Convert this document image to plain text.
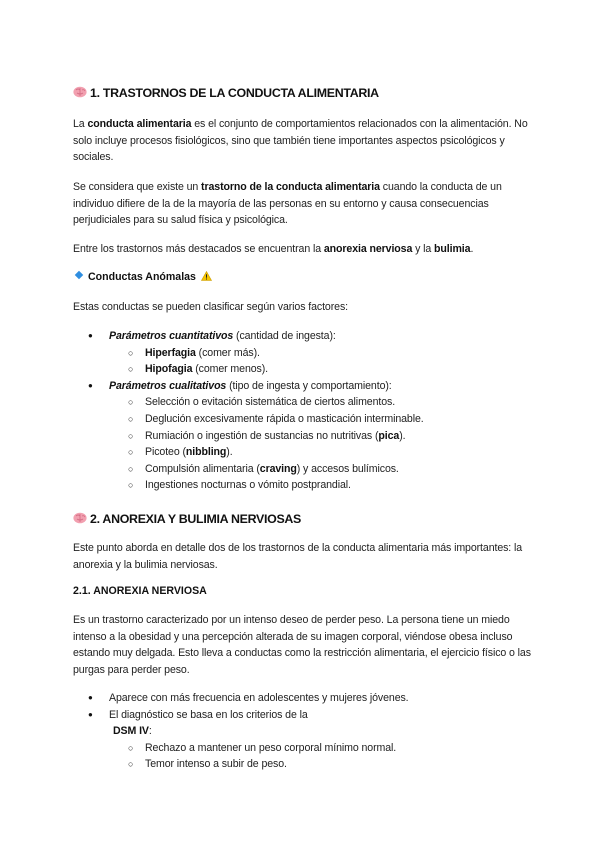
1. TRASTORNOS DE LA CONDUCTA ALIMENTARIA
La conducta alimentaria es el conjunto de comportamientos relacionados con la alimentación. No solo incluye procesos fisiológicos, sino que también tiene importantes aspectos psicológicos y sociales.
Se considera que existe un trastorno de la conducta alimentaria cuando la conducta de un individuo difiere de la de la mayoría de las personas en su entorno y causa consecuencias perjudiciales para su salud física y psicológica.
Entre los trastornos más destacados se encuentran la anorexia nerviosa y la bulimia.
Conductas Anómalas
Estas conductas se pueden clasificar según varios factores:
● Parámetros cuantitativos (cantidad de ingesta):
○ Hiperfagia (comer más).
○ Hipofagia (comer menos).
● Parámetros cualitativos (tipo de ingesta y comportamiento):
○ Selección o evitación sistemática de ciertos alimentos.
○ Deglución excesivamente rápida o masticación interminable.
○ Rumiación o ingestión de sustancias no nutritivas (pica).
○ Picoteo (nibbling).
○ Compulsión alimentaria (craving) y accesos bulímicos.
○ Ingestiones nocturnas o vómito postprandial.
2. ANOREXIA Y BULIMIA NERVIOSAS
Este punto aborda en detalle dos de los trastornos de la conducta alimentaria más importantes: la anorexia y la bulimia nerviosas.
2.1. ANOREXIA NERVIOSA
Es un trastorno caracterizado por un intenso deseo de perder peso. La persona tiene un miedo intenso a la obesidad y una percepción alterada de su imagen corporal, viéndose obesa incluso estando muy delgada. Esto lleva a conductas como la restricción alimentaria, el ejercicio físico o las purgas para perder peso.
● Aparece con más frecuencia en adolescentes y mujeres jóvenes.
● El diagnóstico se basa en los criterios de la
DSM IV:
○ Rechazo a mantener un peso corporal mínimo normal.
○ Temor intenso a subir de peso.
